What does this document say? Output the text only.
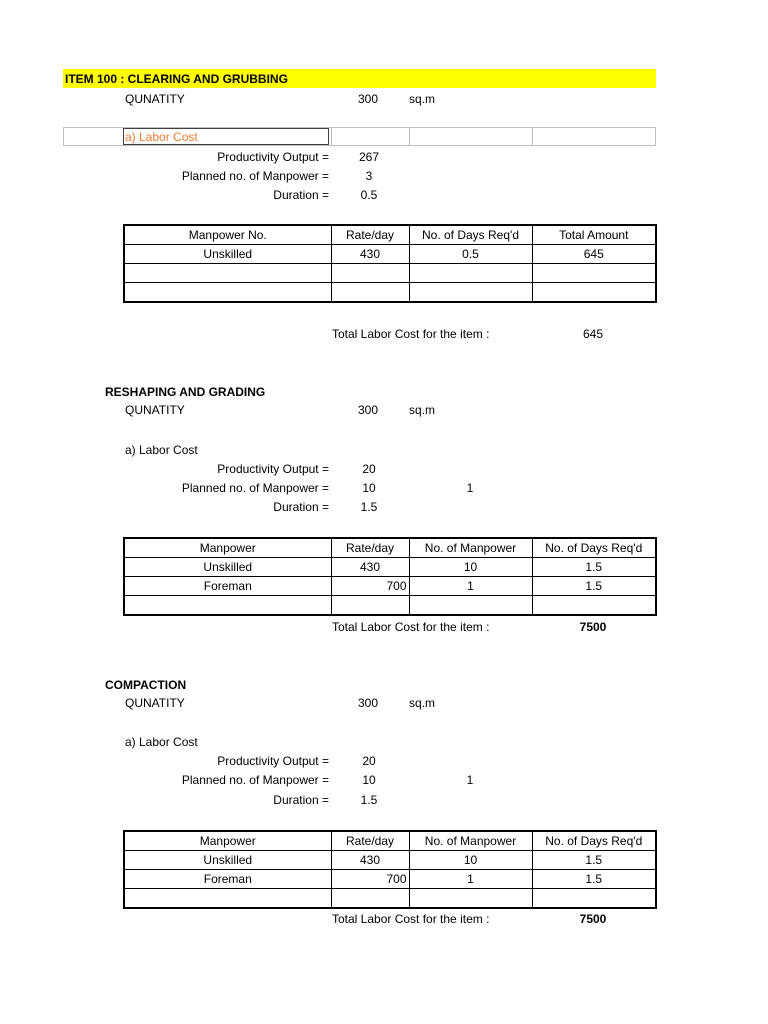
ITEM 100 : CLEARING AND GRUBBING
QUNATITY	300	sq.m
a) Labor Cost
Productivity Output =	267
Planned no. of Manpower =	3
Duration =	0.5
Manpower No.	Rate/day	No. of Days Req'd	Total Amount
Unskilled	430	0.5	645

Total Labor Cost for the item :	645
RESHAPING AND GRADING
QUNATITY	300	sq.m
a) Labor Cost
Productivity Output =	20
Planned no. of Manpower =	10	1
Duration =	1.5
Manpower	Rate/day	No. of Manpower	No. of Days Req'd
Unskilled	430	10	1.5
Foreman	700	1	1.5

Total Labor Cost for the item :	7500
COMPACTION
QUNATITY	300	sq.m
a) Labor Cost
Productivity Output =	20
Planned no. of Manpower =	10	1
Duration =	1.5
Manpower	Rate/day	No. of Manpower	No. of Days Req'd
Unskilled	430	10	1.5
Foreman	700	1	1.5

Total Labor Cost for the item :	7500
